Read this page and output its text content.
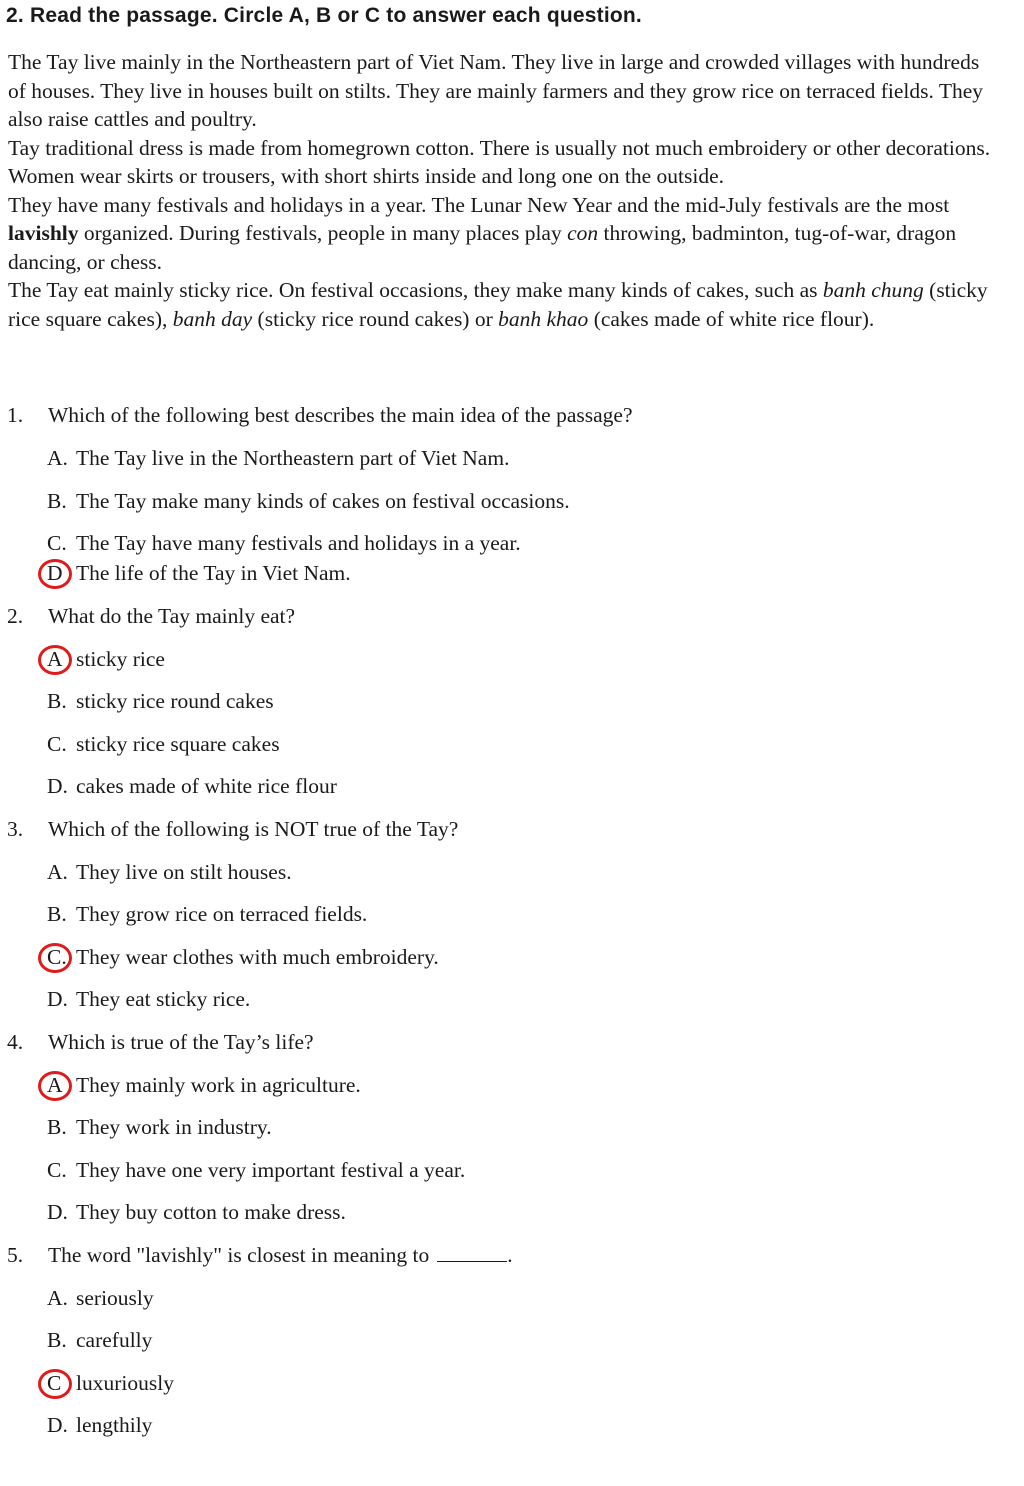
2. Read the passage. Circle A, B or C to answer each question.

The Tay live mainly in the Northeastern part of Viet Nam. They live in large and crowded villages with hundreds of houses. They live in houses built on stilts. They are mainly farmers and they grow rice on terraced fields. They also raise cattles and poultry.

Tay traditional dress is made from homegrown cotton. There is usually not much embroidery or other decorations. Women wear skirts or trousers, with short shirts inside and long one on the outside.

They have many festivals and holidays in a year. The Lunar New Year and the mid-July festivals are the most lavishly organized. During festivals, people in many places play con throwing, badminton, tug-of-war, dragon dancing, or chess.

The Tay eat mainly sticky rice. On festival occasions, they make many kinds of cakes, such as banh chung (sticky rice square cakes), banh day (sticky rice round cakes) or banh khao (cakes made of white rice flour).

1. Which of the following best describes the main idea of the passage?
A. The Tay live in the Northeastern part of Viet Nam.
B. The Tay make many kinds of cakes on festival occasions.
C. The Tay have many festivals and holidays in a year.
D The life of the Tay in Viet Nam.
2. What do the Tay mainly eat?
A sticky rice
B. sticky rice round cakes
C. sticky rice square cakes
D. cakes made of white rice flour
3. Which of the following is NOT true of the Tay?
A. They live on stilt houses.
B. They grow rice on terraced fields.
C. They wear clothes with much embroidery.
D. They eat sticky rice.
4. Which is true of the Tay’s life?
A They mainly work in agriculture.
B. They work in industry.
C. They have one very important festival a year.
D. They buy cotton to make dress.
5. The word "lavishly" is closest in meaning to	.
A. seriously
B. carefully
C luxuriously
D. lengthily
